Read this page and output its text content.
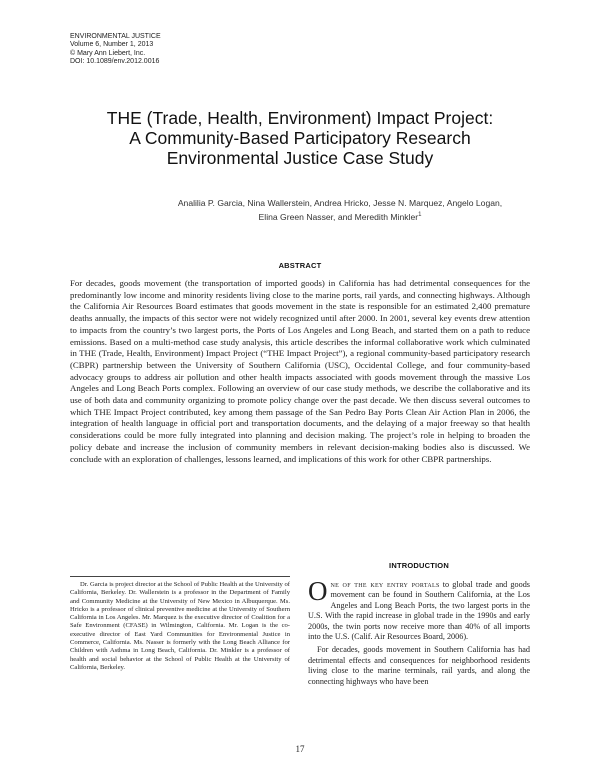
ENVIRONMENTAL JUSTICE
Volume 6, Number 1, 2013
© Mary Ann Liebert, Inc.
DOI: 10.1089/env.2012.0016
THE (Trade, Health, Environment) Impact Project:
A Community-Based Participatory Research
Environmental Justice Case Study
Analilia P. Garcia, Nina Wallerstein, Andrea Hricko, Jesse N. Marquez, Angelo Logan,
Elina Green Nasser, and Meredith Minkler$^1$
ABSTRACT

For decades, goods movement (the transportation of imported goods) in California has had detrimental consequences for the predominantly low income and minority residents living close to the marine ports, rail yards, and connecting highways. Although the California Air Resources Board estimates that goods movement in the state is responsible for an estimated 2,400 premature deaths annually, the impacts of this sector were not widely recognized until after 2000. In 2001, several key events drew attention to impacts from the country’s two largest ports, the Ports of Los Angeles and Long Beach, and started them on a path to reduce emissions. Based on a multi-method case study analysis, this article describes the informal collaborative work which culminated in THE (Trade, Health, Environment) Impact Project (“THE Impact Project”), a regional community-based participatory research (CBPR) partnership between the University of Southern California (USC), Occidental College, and four community-based advocacy groups to address air pollution and other health impacts associated with goods movement through the massive Los Angeles and Long Beach Ports complex. Following an overview of our case study methods, we describe the collaborative and its use of both data and community organizing to promote policy change over the past decade. We then discuss several outcomes to which THE Impact Project contributed, key among them passage of the San Pedro Bay Ports Clean Air Action Plan in 2006, the integration of health language in official port and transportation documents, and the delaying of a major freeway so that health considerations could be more fully integrated into planning and decision making. The project’s role in helping to broaden the policy debate and increase the inclusion of community members in relevant decision-making bodies also is discussed. We conclude with an exploration of challenges, lessons learned, and implications of this work for other CBPR partnerships.

INTRODUCTION

Dr. Garcia is project director at the School of Public Health at the University of California, Berkeley. Dr. Wallerstein is a professor in the Department of Family and Community Medicine at the University of New Mexico in Albuquerque. Ms. Hricko is a professor of clinical preventive medicine at the University of Southern California in Los Angeles. Mr. Marquez is the executive director of Coalition for a Safe Environment (CFASE) in Wilmington, California. Mr. Logan is the co-executive director of East Yard Communities for Environmental Justice in Commerce, California. Ms. Nasser is formerly with the Long Beach Alliance for Children with Asthma in Long Beach, California. Dr. Minkler is a professor of health and social behavior at the School of Public Health at the University of California, Berkeley.

One of the key entry portals to global trade and goods movement can be found in Southern California, at the Los Angeles and Long Beach Ports, the two largest ports in the U.S. With the rapid increase in global trade in the 1990s and early 2000s, the twin ports now receive more than 40% of all imports into the U.S. (Calif. Air Resources Board, 2006).

For decades, goods movement in Southern California has had detrimental effects and consequences for neighborhood residents living close to the marine terminals, rail yards, and along the connecting highways who have been

17
